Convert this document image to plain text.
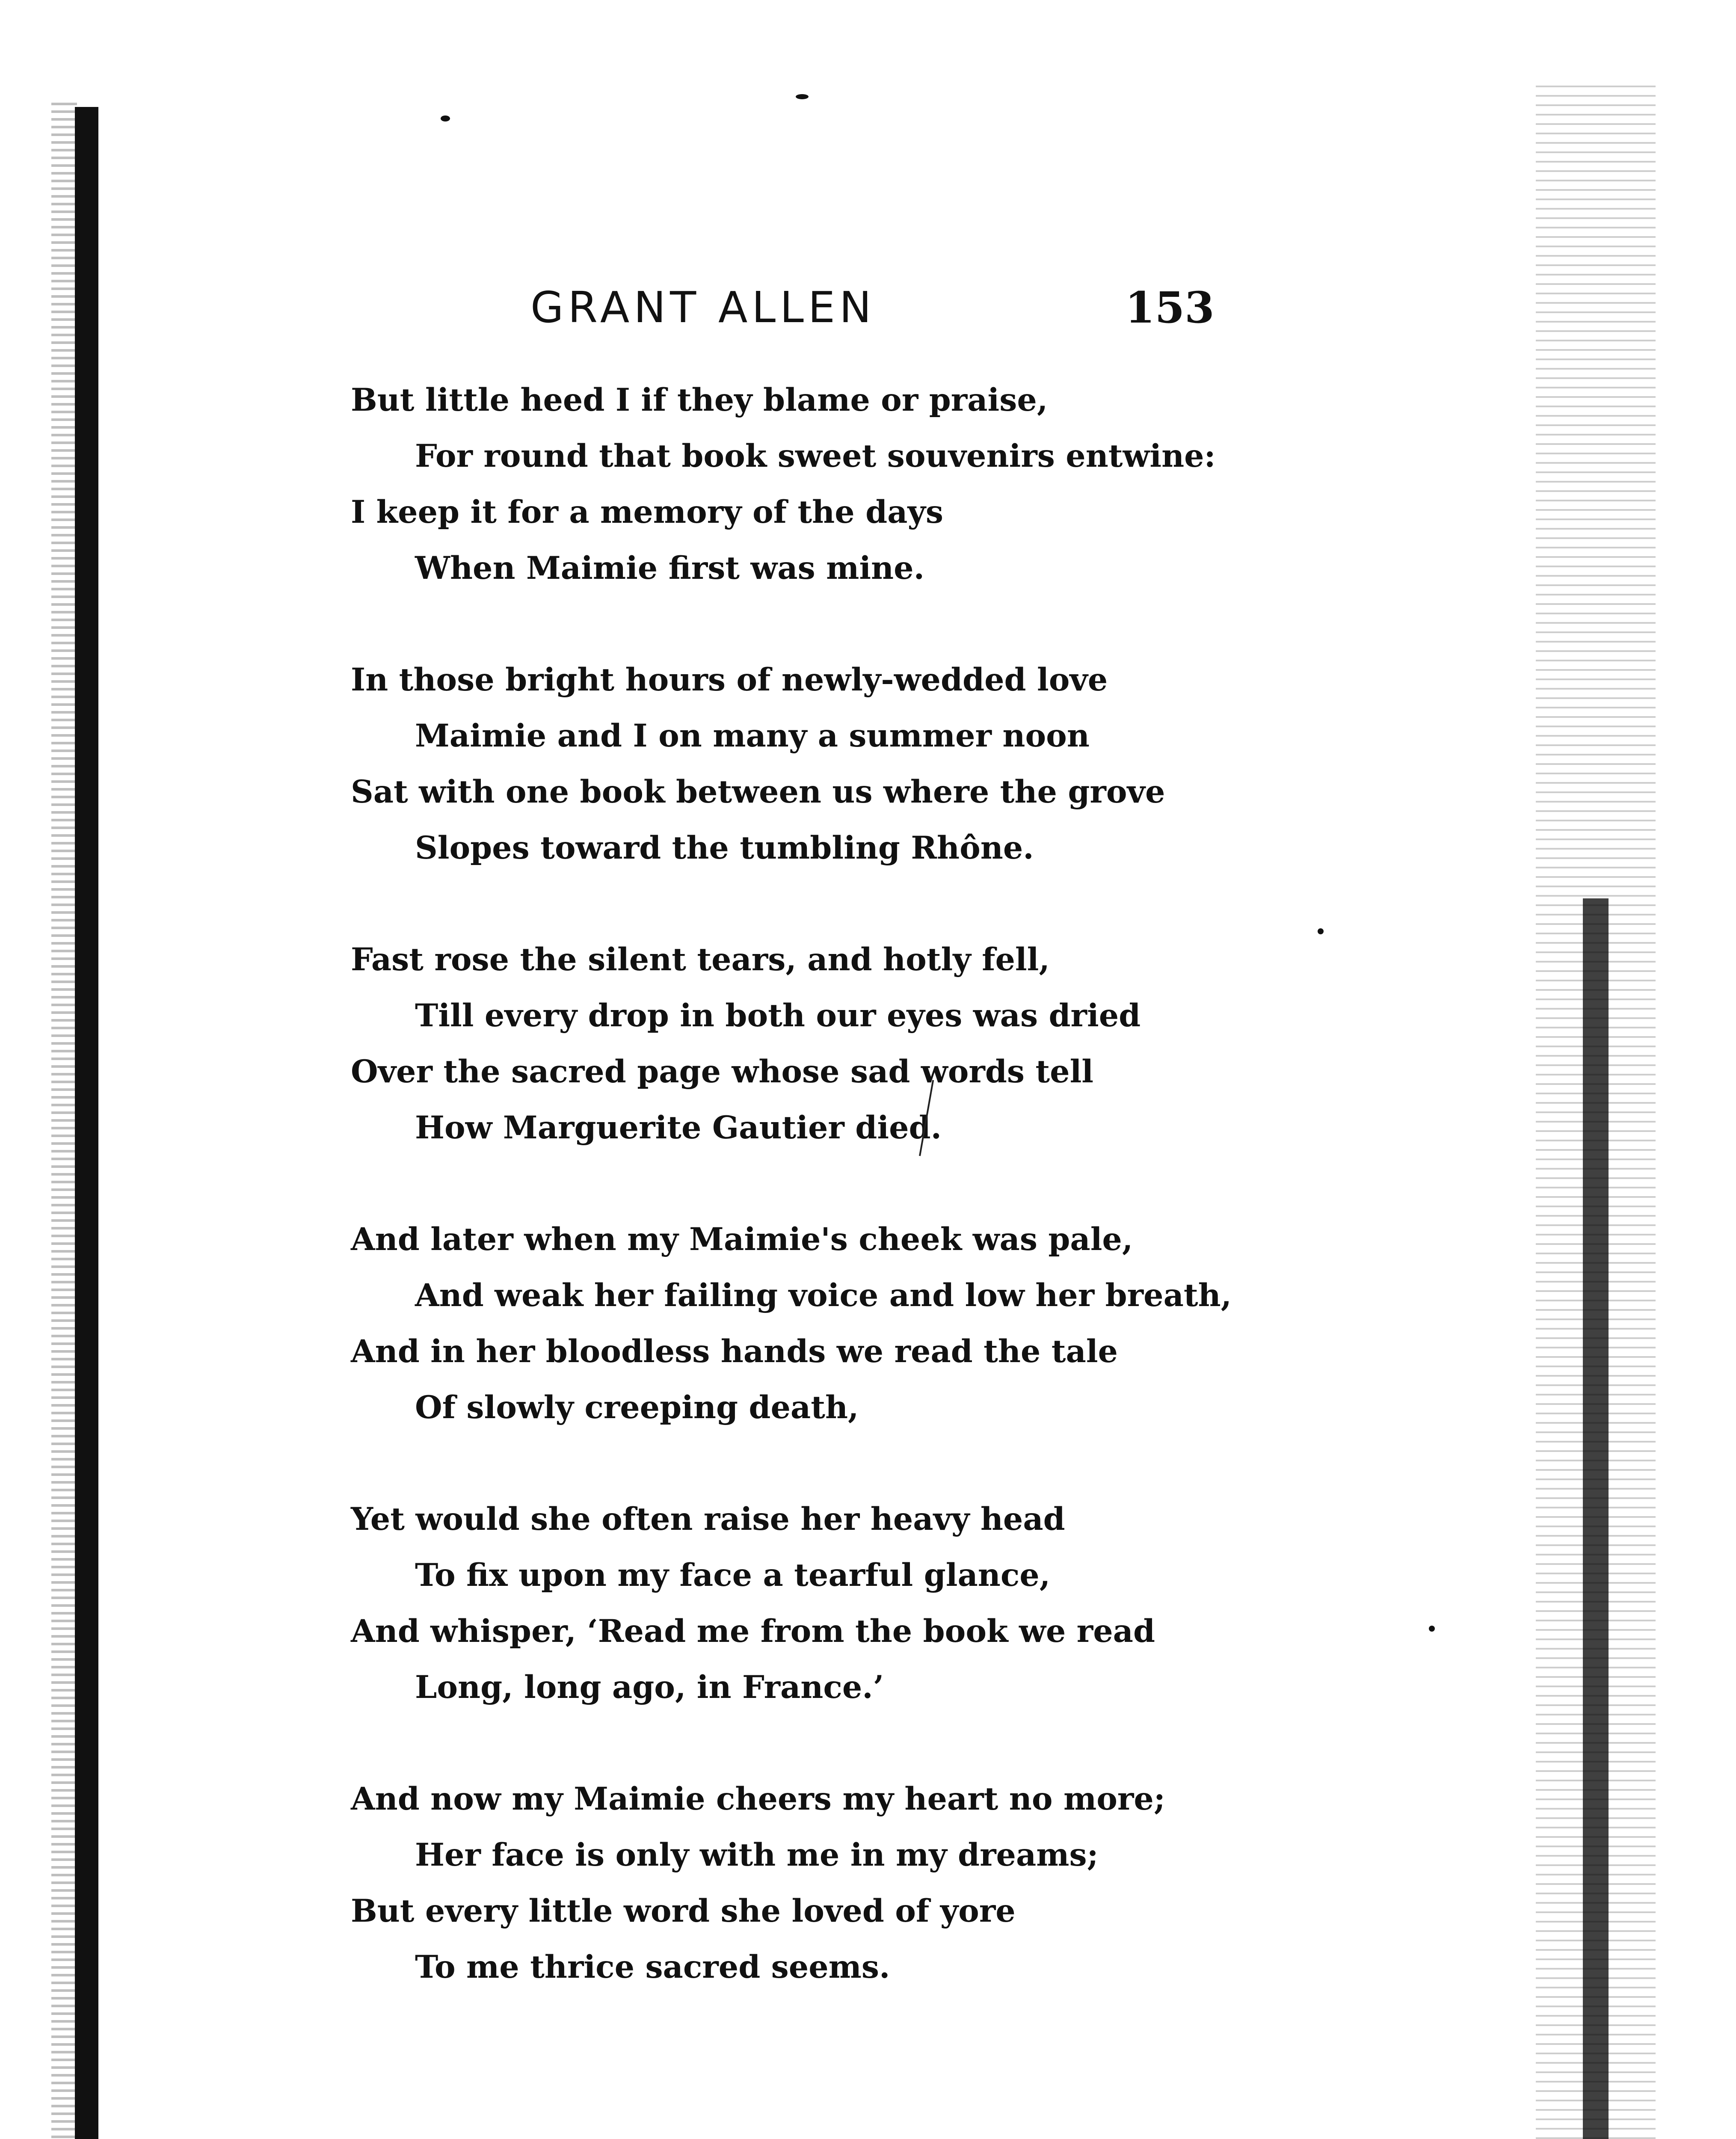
GRANT ALLEN	153
But little heed I if they blame or praise,
For round that book sweet souvenirs entwine:
I keep it for a memory of the days
When Maimie first was mine.
In those bright hours of newly-wedded love
Maimie and I on many a summer noon
Sat with one book between us where the grove
Slopes toward the tumbling Rhône.
Fast rose the silent tears, and hotly fell,
Till every drop in both our eyes was dried
Over the sacred page whose sad words tell
How Marguerite Gautier died.
And later when my Maimie's cheek was pale,
And weak her failing voice and low her breath,
And in her bloodless hands we read the tale
Of slowly creeping death,
Yet would she often raise her heavy head
To fix upon my face a tearful glance,
And whisper, ‘Read me from the book we read
Long, long ago, in France.’
And now my Maimie cheers my heart no more;
Her face is only with me in my dreams;
But every little word she loved of yore
To me thrice sacred seems.
